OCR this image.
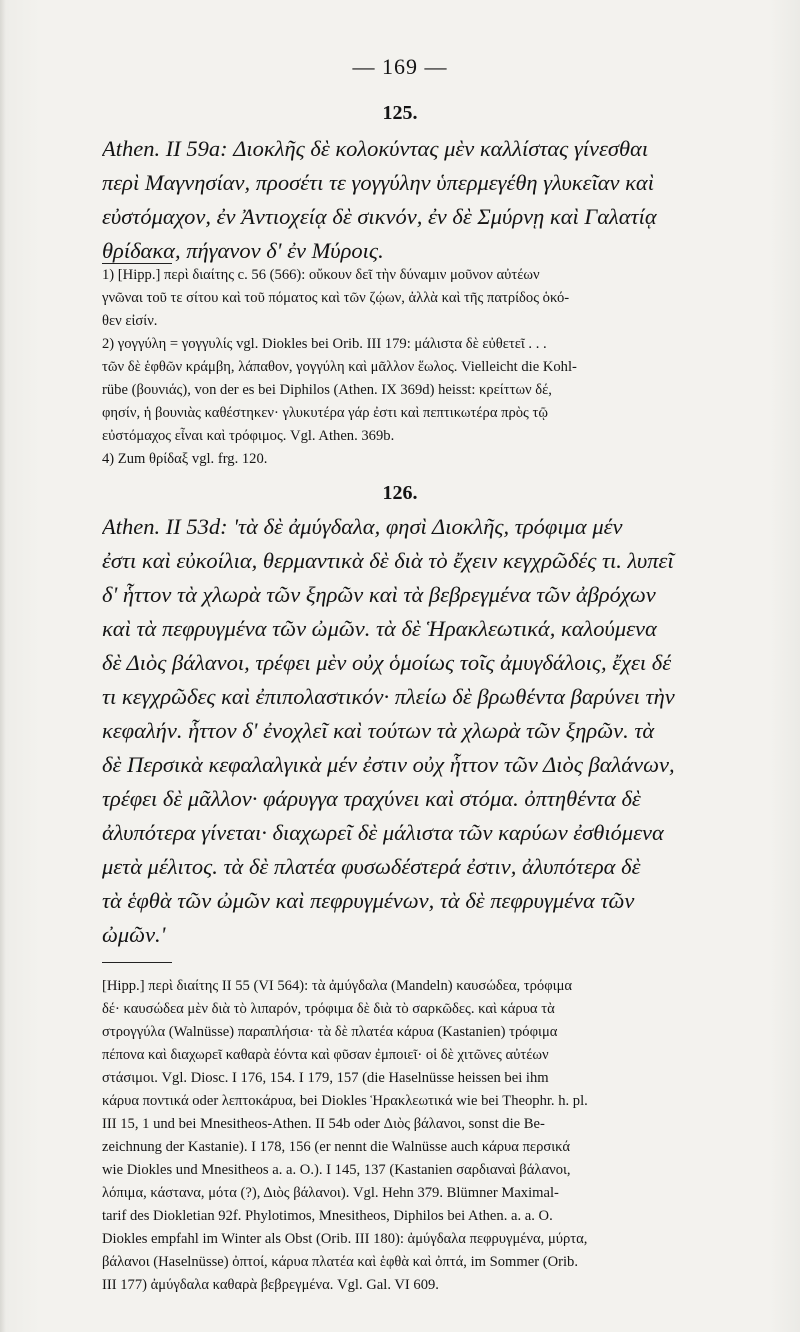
— 169 —
125.
Athen. II 59a: Διοκλῆς δὲ κολοκύντας μὲν καλλίστας γίνεσθαι
περὶ Μαγνησίαν, προσέτι τε γογγύλην ὑπερμεγέθη γλυκεῖαν καὶ
εὐστόμαχον, ἐν Ἀντιοχείᾳ δὲ σικνόν, ἐν δὲ Σμύρνῃ καὶ Γαλατίᾳ
θρίδακα, πήγανον δ' ἐν Μύροις.
1) [Hipp.] περὶ διαίτης c. 56 (566): οὔκουν δεῖ τὴν δύναμιν μοῦνον αὐτέων
γνῶναι τοῦ τε σίτου καὶ τοῦ πόματος καὶ τῶν ζῴων, ἀλλὰ καὶ τῆς πατρίδος ὁκό-
θεν εἰσίν.
2) γογγύλη = γογγυλίς vgl. Diokles bei Orib. III 179: μάλιστα δὲ εὐθετεῖ . . .
τῶν δὲ ἑφθῶν κράμβη, λάπαθον, γογγύλη καὶ μᾶλλον ἕωλος. Vielleicht die Kohl-
rübe (βουνιάς), von der es bei Diphilos (Athen. IX 369d) heisst: κρείττων δέ,
φησίν, ἡ βουνιὰς καθέστηκεν· γλυκυτέρα γάρ ἐστι καὶ πεπτικωτέρα πρὸς τῷ
εὐστόμαχος εἶναι καὶ τρόφιμος. Vgl. Athen. 369b.
4) Zum θρίδαξ vgl. frg. 120.
126.
Athen. II 53d: 'τὰ δὲ ἀμύγδαλα, φησὶ Διοκλῆς, τρόφιμα μέν
ἐστι καὶ εὐκοίλια, θερμαντικὰ δὲ διὰ τὸ ἔχειν κεγχρῶδές τι. λυπεῖ
δ' ἧττον τὰ χλωρὰ τῶν ξηρῶν καὶ τὰ βεβρεγμένα τῶν ἀβρόχων
καὶ τὰ πεφρυγμένα τῶν ὠμῶν. τὰ δὲ Ἡρακλεωτικά, καλούμενα
δὲ Διὸς βάλανοι, τρέφει μὲν οὐχ ὁμοίως τοῖς ἀμυγδάλοις, ἔχει δέ
τι κεγχρῶδες καὶ ἐπιπολαστικόν· πλείω δὲ βρωθέντα βαρύνει τὴν
κεφαλήν. ἧττον δ' ἐνοχλεῖ καὶ τούτων τὰ χλωρὰ τῶν ξηρῶν. τὰ
δὲ Περσικὰ κεφαλαλγικὰ μέν ἐστιν οὐχ ἧττον τῶν Διὸς βαλάνων,
τρέφει δὲ μᾶλλον· φάρυγγα τραχύνει καὶ στόμα. ὀπτηθέντα δὲ
ἀλυπότερα γίνεται· διαχωρεῖ δὲ μάλιστα τῶν καρύων ἐσθιόμενα
μετὰ μέλιτος. τὰ δὲ πλατέα φυσωδέστερά ἐστιν, ἀλυπότερα δὲ
τὰ ἑφθὰ τῶν ὠμῶν καὶ πεφρυγμένων, τὰ δὲ πεφρυγμένα τῶν
ὠμῶν.'
[Hipp.] περὶ διαίτης II 55 (VI 564): τὰ ἀμύγδαλα (Mandeln) καυσώδεα, τρόφιμα
δέ· καυσώδεα μὲν διὰ τὸ λιπαρόν, τρόφιμα δὲ διὰ τὸ σαρκῶδες. καὶ κάρυα τὰ
στρογγύλα (Walnüsse) παραπλήσια· τὰ δὲ πλατέα κάρυα (Kastanien) τρόφιμα
πέπονα καὶ διαχωρεῖ καθαρὰ ἐόντα καὶ φῦσαν ἐμποιεῖ· οἱ δὲ χιτῶνες αὐτέων
στάσιμοι. Vgl. Diosc. I 176, 154. I 179, 157 (die Haselnüsse heissen bei ihm
κάρυα ποντικά oder λεπτοκάρυα, bei Diokles Ἡρακλεωτικά wie bei Theophr. h. pl.
III 15, 1 und bei Mnesitheos-Athen. II 54b oder Διὸς βάλανοι, sonst die Be-
zeichnung der Kastanie). I 178, 156 (er nennt die Walnüsse auch κάρυα περσικά
wie Diokles und Mnesitheos a. a. O.). I 145, 137 (Kastanien σαρδιαναὶ βάλανοι,
λόπιμα, κάστανα, μότα (?), Διὸς βάλανοι). Vgl. Hehn 379. Blümner Maximal-
tarif des Diokletian 92f. Phylotimos, Mnesitheos, Diphilos bei Athen. a. a. O.
Diokles empfahl im Winter als Obst (Orib. III 180): ἀμύγδαλα πεφρυγμένα, μύρτα,
βάλανοι (Haselnüsse) ὀπτοί, κάρυα πλατέα καὶ ἑφθὰ καὶ ὀπτά, im Sommer (Orib.
III 177) ἀμύγδαλα καθαρὰ βεβρεγμένα. Vgl. Gal. VI 609.
